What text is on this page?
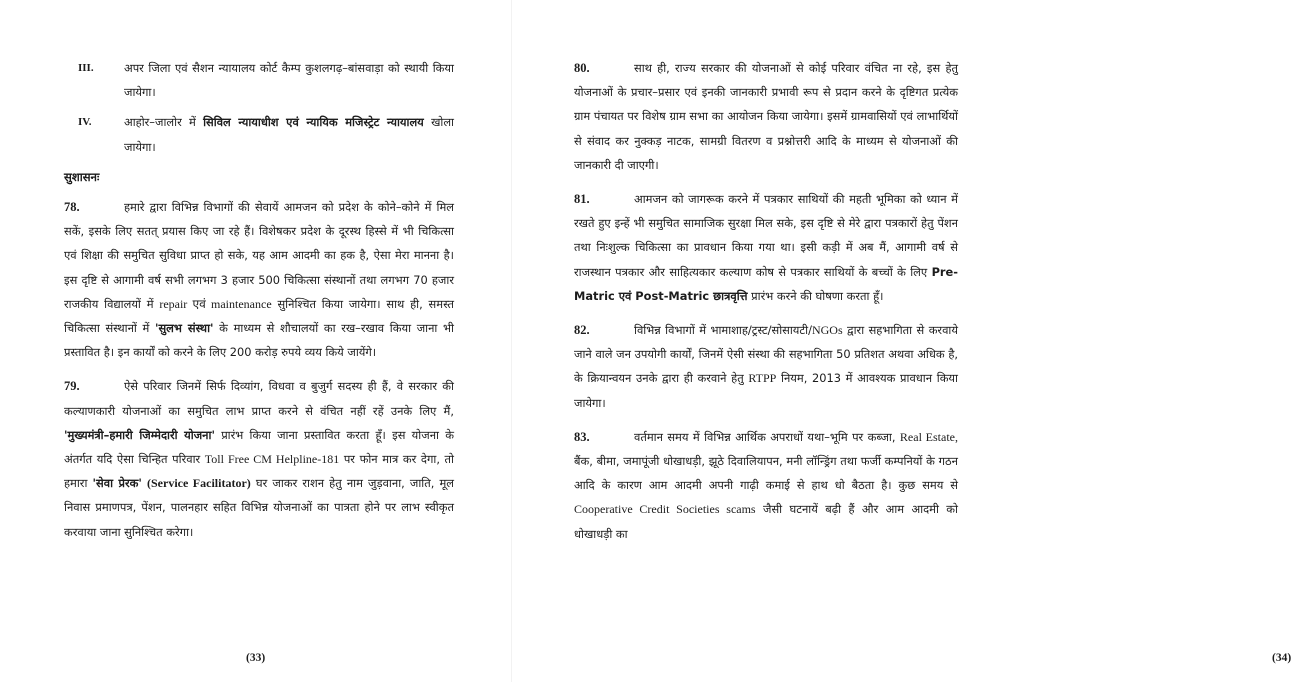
III.	अपर जिला एवं सैशन न्यायालय कोर्ट कैम्प कुशलगढ़–बांसवाड़ा को स्थायी किया जायेगा।
IV.	आहोर–जालोर में सिविल न्यायाधीश एवं न्यायिक मजिस्ट्रेट न्यायालय खोला जायेगा।
सुशासनः

78.	हमारे द्वारा विभिन्न विभागों की सेवायें आमजन को प्रदेश के कोने–कोने में मिल सकें, इसके लिए सतत् प्रयास किए जा रहे हैं। विशेषकर प्रदेश के दूरस्थ हिस्से में भी चिकित्सा एवं शिक्षा की समुचित सुविधा प्राप्त हो सके, यह आम आदमी का हक है, ऐसा मेरा मानना है। इस दृष्टि से आगामी वर्ष सभी लगभग 3 हजार 500 चिकित्सा संस्थानों तथा लगभग 70 हजार राजकीय विद्यालयों में repair एवं maintenance सुनिश्चित किया जायेगा। साथ ही, समस्त चिकित्सा संस्थानों में 'सुलभ संस्था' के माध्यम से शौचालयों का रख–रखाव किया जाना भी प्रस्तावित है। इन कार्यों को करने के लिए 200 करोड़ रुपये व्यय किये जायेंगे।

79.	ऐसे परिवार जिनमें सिर्फ दिव्यांग, विधवा व बुजुर्ग सदस्य ही हैं, वे सरकार की कल्याणकारी योजनाओं का समुचित लाभ प्राप्त करने से वंचित नहीं रहें उनके लिए मैं, 'मुख्यमंत्री–हमारी जिम्मेदारी योजना' प्रारंभ किया जाना प्रस्तावित करता हूँ। इस योजना के अंतर्गत यदि ऐसा चिन्हित परिवार Toll Free CM Helpline-181 पर फोन मात्र कर देगा, तो हमारा 'सेवा प्रेरक' (Service Facilitator) घर जाकर राशन हेतु नाम जुड़वाना, जाति, मूल निवास प्रमाणपत्र, पेंशन, पालनहार सहित विभिन्न योजनाओं का पात्रता होने पर लाभ स्वीकृत करवाया जाना सुनिश्चित करेगा।

(33)	(34)

80.	साथ ही, राज्य सरकार की योजनाओं से कोई परिवार वंचित ना रहे, इस हेतु योजनाओं के प्रचार–प्रसार एवं इनकी जानकारी प्रभावी रूप से प्रदान करने के दृष्टिगत प्रत्येक ग्राम पंचायत पर विशेष ग्राम सभा का आयोजन किया जायेगा। इसमें ग्रामवासियों एवं लाभार्थियों से संवाद कर नुक्कड़ नाटक, सामग्री वितरण व प्रश्नोत्तरी आदि के माध्यम से योजनाओं की जानकारी दी जाएगी।

81.	आमजन को जागरूक करने में पत्रकार साथियों की महती भूमिका को ध्यान में रखते हुए इन्हें भी समुचित सामाजिक सुरक्षा मिल सके, इस दृष्टि से मेरे द्वारा पत्रकारों हेतु पेंशन तथा निःशुल्क चिकित्सा का प्रावधान किया गया था। इसी कड़ी में अब मैं, आगामी वर्ष से राजस्थान पत्रकार और साहित्यकार कल्याण कोष से पत्रकार साथियों के बच्चों के लिए Pre-Matric एवं Post-Matric छात्रवृत्ति प्रारंभ करने की घोषणा करता हूँ।

82.	विभिन्न विभागों में भामाशाह/ट्रस्ट/सोसायटी/NGOs द्वारा सहभागिता से करवाये जाने वाले जन उपयोगी कार्यों, जिनमें ऐसी संस्था की सहभागिता 50 प्रतिशत अथवा अधिक है, के क्रियान्वयन उनके द्वारा ही करवाने हेतु RTPP नियम, 2013 में आवश्यक प्रावधान किया जायेगा।

83.	वर्तमान समय में विभिन्न आर्थिक अपराधों यथा–भूमि पर कब्जा, Real Estate, बैंक, बीमा, जमापूंजी धोखाधड़ी, झूठे दिवालियापन, मनी लॉन्ड्रिंग तथा फर्जी कम्पनियों के गठन आदि के कारण आम आदमी अपनी गाढ़ी कमाई से हाथ धो बैठता है। कुछ समय से Cooperative Credit Societies scams जैसी घटनायें बढ़ी हैं और आम आदमी को धोखाधड़ी का
